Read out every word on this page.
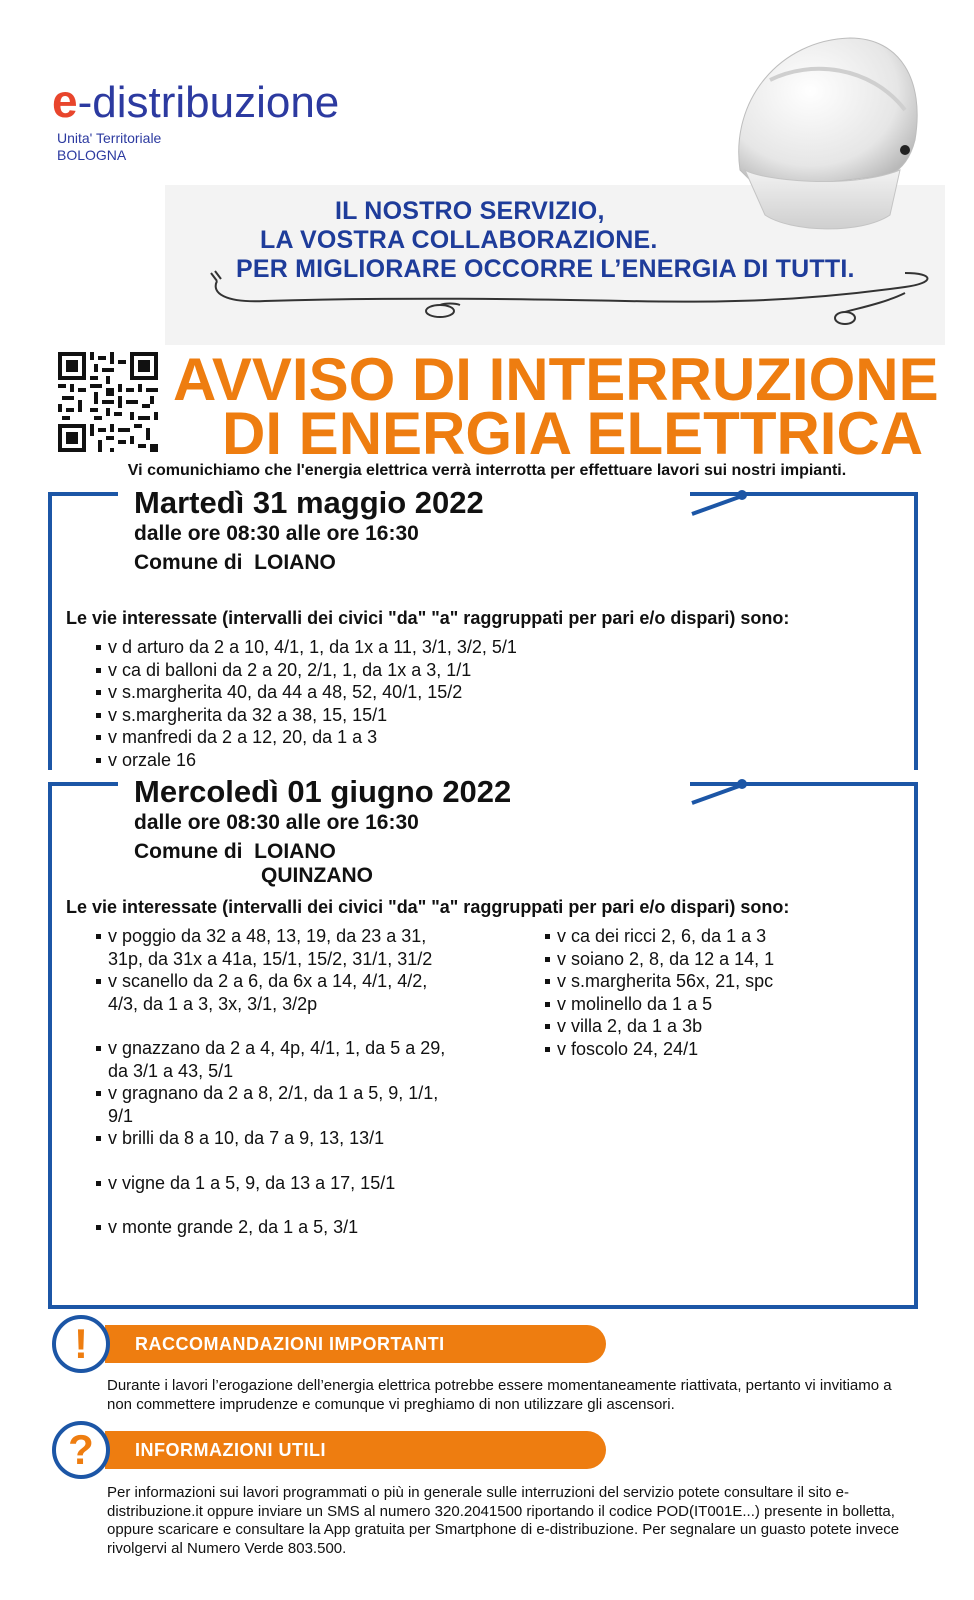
e-distribuzione
Unita' Territoriale
BOLOGNA
IL NOSTRO SERVIZIO,
LA VOSTRA COLLABORAZIONE.
PER MIGLIORARE OCCORRE L’ENERGIA DI TUTTI.
AVVISO DI INTERRUZIONE
DI ENERGIA ELETTRICA
Vi comunichiamo che l'energia elettrica verrà interrotta per effettuare lavori sui nostri impianti.
Martedì 31 maggio 2022
dalle ore 08:30 alle ore 16:30
Comune di LOIANO
Le vie interessate (intervalli dei civici "da" "a" raggruppati per pari e/o dispari) sono:
v d arturo da 2 a 10, 4/1, 1, da 1x a 11, 3/1, 3/2, 5/1
v ca di balloni da 2 a 20, 2/1, 1, da 1x a 3, 1/1
v s.margherita 40, da 44 a 48, 52, 40/1, 15/2
v s.margherita da 32 a 38, 15, 15/1
v manfredi da 2 a 12, 20, da 1 a 3
v orzale 16
Mercoledì 01 giugno 2022
dalle ore 08:30 alle ore 16:30
Comune di LOIANO
QUINZANO
Le vie interessate (intervalli dei civici "da" "a" raggruppati per pari e/o dispari) sono:
v poggio da 32 a 48, 13, 19, da 23 a 31, 31p, da 31x a 41a, 15/1, 15/2, 31/1, 31/2
v scanello da 2 a 6, da 6x a 14, 4/1, 4/2, 4/3, da 1 a 3, 3x, 3/1, 3/2p
v gnazzano da 2 a 4, 4p, 4/1, 1, da 5 a 29, da 3/1 a 43, 5/1
v gragnano da 2 a 8, 2/1, da 1 a 5, 9, 1/1, 9/1
v brilli da 8 a 10, da 7 a 9, 13, 13/1
v vigne da 1 a 5, 9, da 13 a 17, 15/1
v monte grande 2, da 1 a 5, 3/1
v ca dei ricci 2, 6, da 1 a 3
v soiano 2, 8, da 12 a 14, 1
v s.margherita 56x, 21, spc
v molinello da 1 a 5
v villa 2, da 1 a 3b
v foscolo 24, 24/1
RACCOMANDAZIONI IMPORTANTI
!
Durante i lavori l’erogazione dell’energia elettrica potrebbe essere momentaneamente riattivata, pertanto vi invitiamo a non commettere imprudenze e comunque vi preghiamo di non utilizzare gli ascensori.
INFORMAZIONI UTILI
?
Per informazioni sui lavori programmati o più in generale sulle interruzioni del servizio potete consultare il sito e-distribuzione.it oppure inviare un SMS al numero 320.2041500 riportando il codice POD(IT001E...) presente in bolletta, oppure scaricare e consultare la App gratuita per Smartphone di e-distribuzione. Per segnalare un guasto potete invece rivolgervi al Numero Verde 803.500.
